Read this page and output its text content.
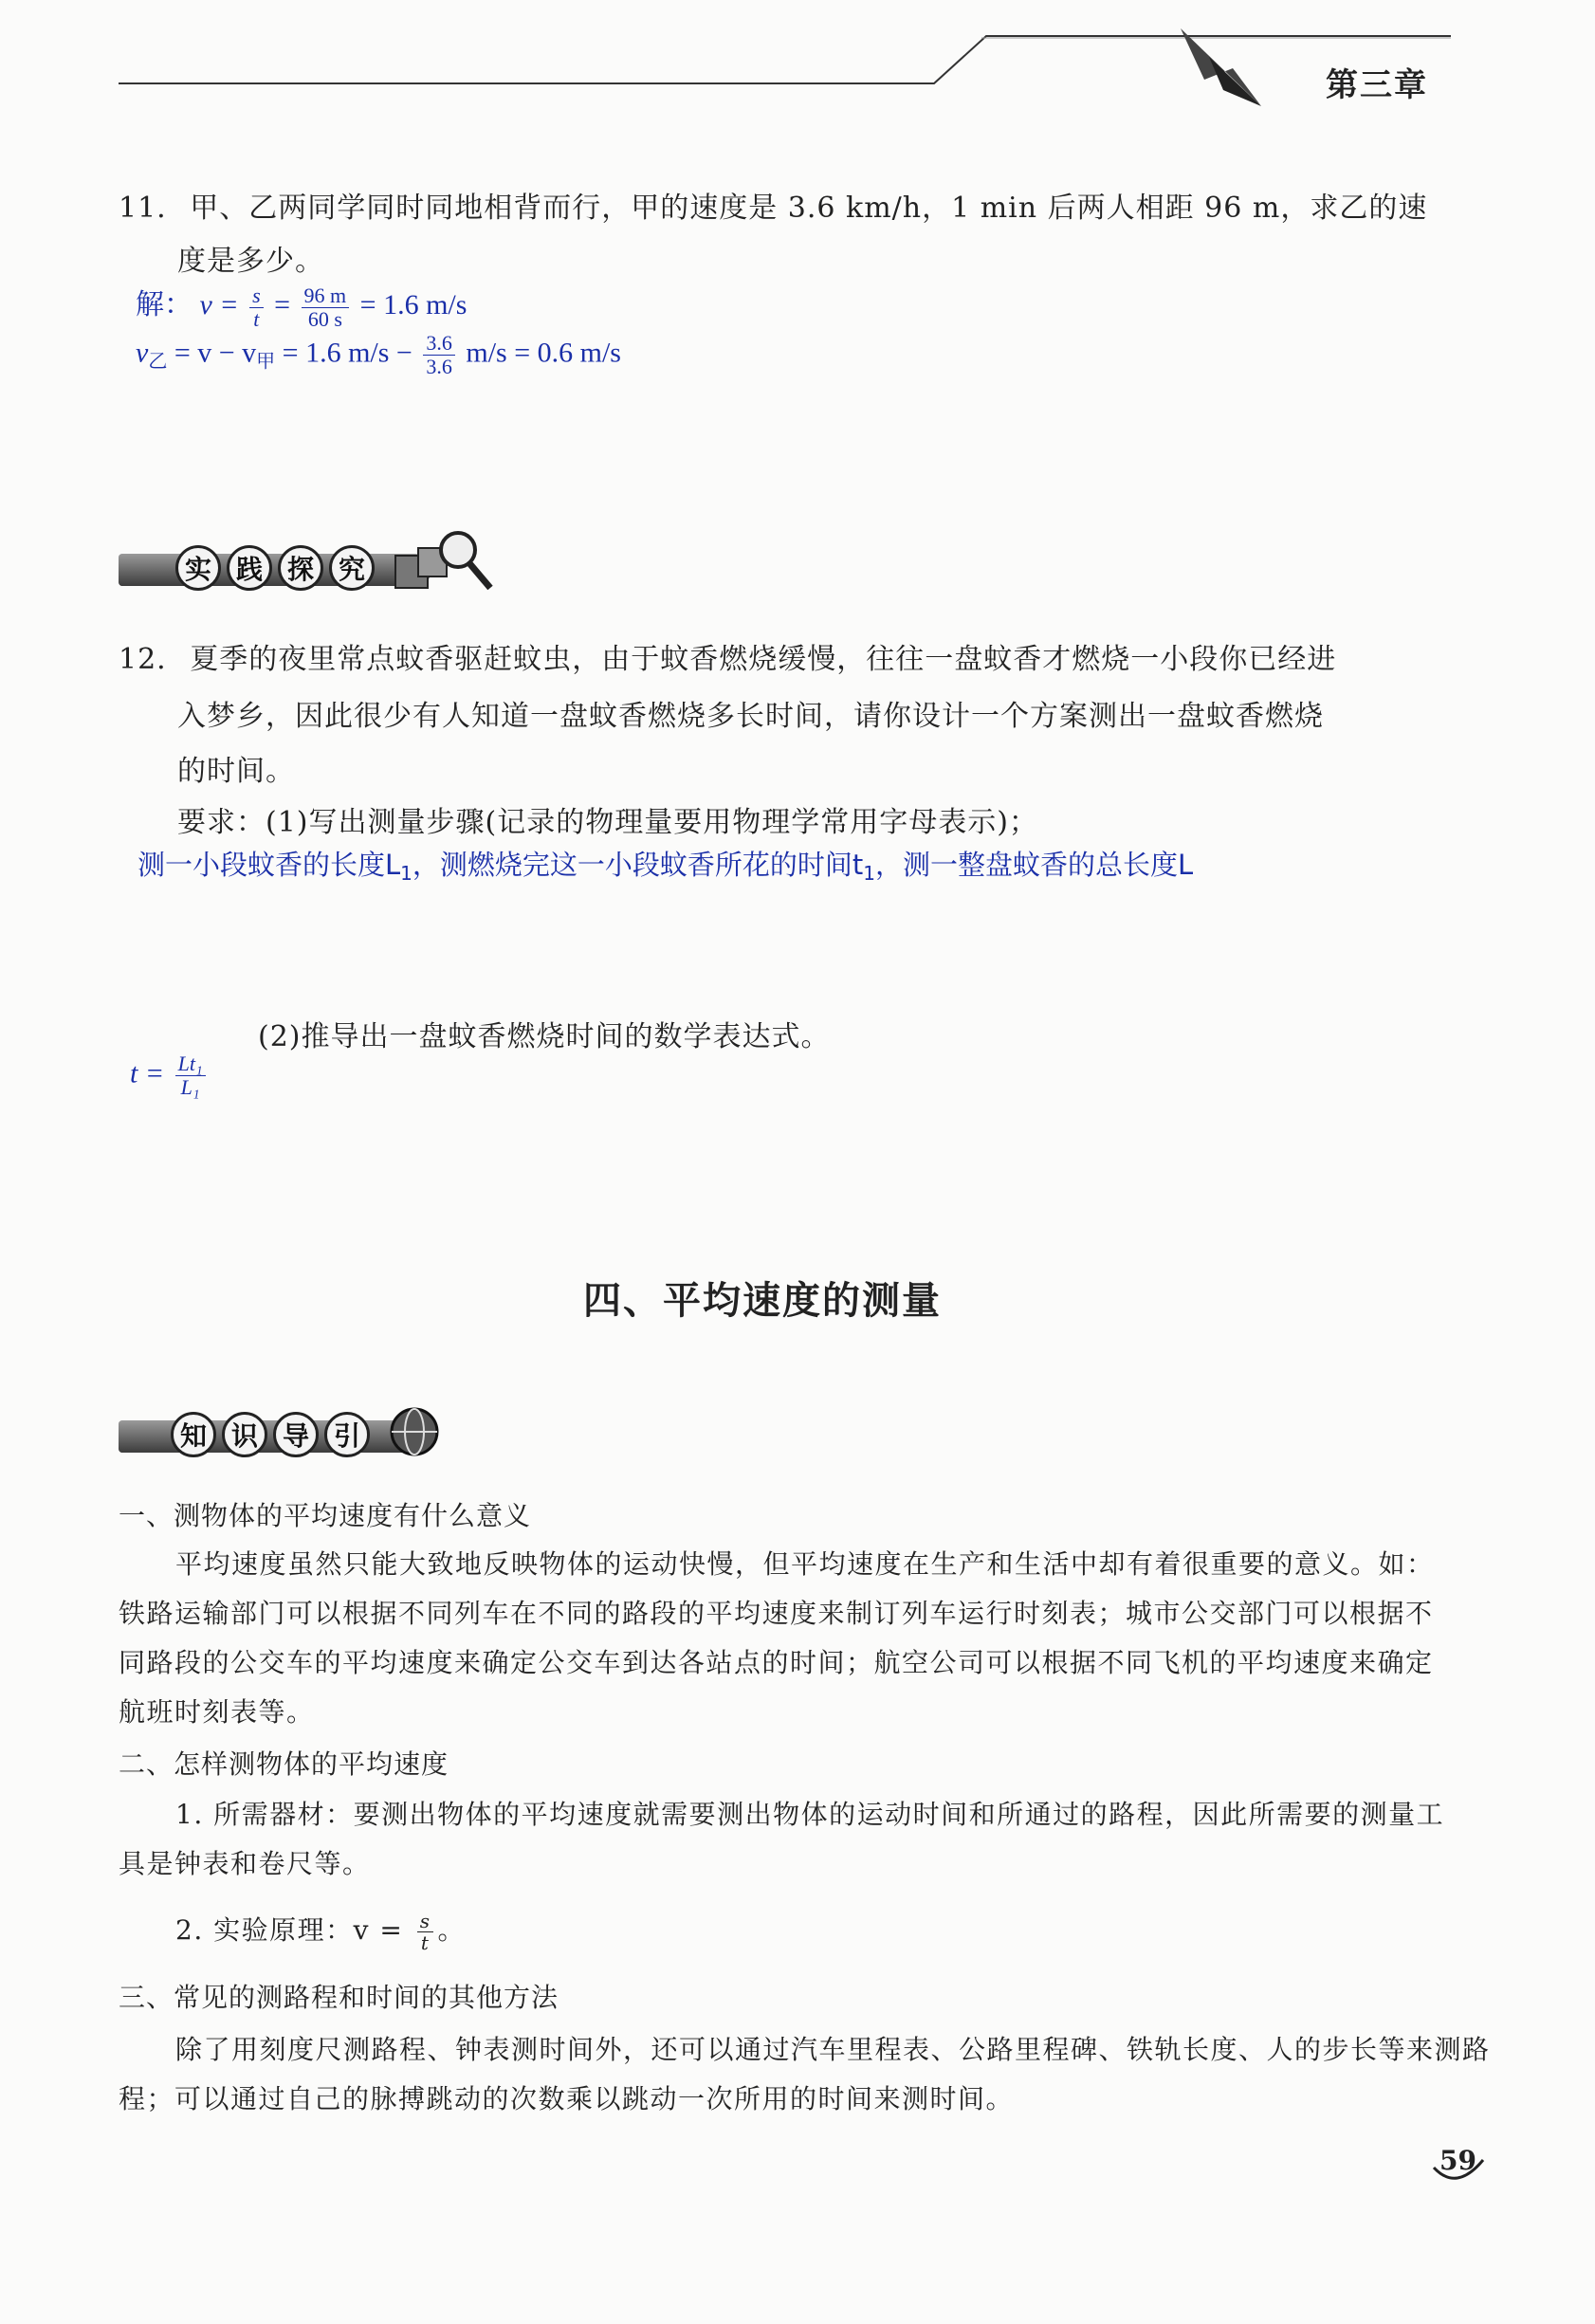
第三章
11. 甲、乙两同学同时同地相背而行，甲的速度是 3.6 km/h，1 min 后两人相距 96 m，求乙的速
度是多少。
解： $v = \frac{s}{t} = \frac{96 m}{60 s} = 1.6$ m/s
$v_乙 = v - v_甲 = 1.6$ $m/s - \frac{3.6}{3.6} m/s = 0.6$ m/s
实 践 探 究
12. 夏季的夜里常点蚊香驱赶蚊虫，由于蚊香燃烧缓慢，往往一盘蚊香才燃烧一小段你已经进
入梦乡，因此很少有人知道一盘蚊香燃烧多长时间，请你设计一个方案测出一盘蚊香燃烧
的时间。
要求：(1)写出测量步骤(记录的物理量要用物理学常用字母表示)；
测一小段蚊香的长度$L_1$，测燃烧完这一小段蚊香所花的时间$t_1$，测一整盘蚊香的总长度L
(2)推导出一盘蚊香燃烧时间的数学表达式。
$t = \frac{\text{Lt₁}}{\text{L₁}}$
四、平均速度的测量
知 识 导 引
一、测物体的平均速度有什么意义
平均速度虽然只能大致地反映物体的运动快慢，但平均速度在生产和生活中却有着很重要的意义。如：
铁路运输部门可以根据不同列车在不同的路段的平均速度来制订列车运行时刻表；城市公交部门可以根据不
同路段的公交车的平均速度来确定公交车到达各站点的时间；航空公司可以根据不同飞机的平均速度来确定
航班时刻表等。
二、怎样测物体的平均速度
1. 所需器材：要测出物体的平均速度就需要测出物体的运动时间和所通过的路程，因此所需要的测量工
具是钟表和卷尺等。
2. 实验原理：$v = \frac{s}{t}$ 。
三、常见的测路程和时间的其他方法
除了用刻度尺测路程、钟表测时间外，还可以通过汽车里程表、公路里程碑、铁轨长度、人的步长等来测路
程；可以通过自己的脉搏跳动的次数乘以跳动一次所用的时间来测时间。
59
